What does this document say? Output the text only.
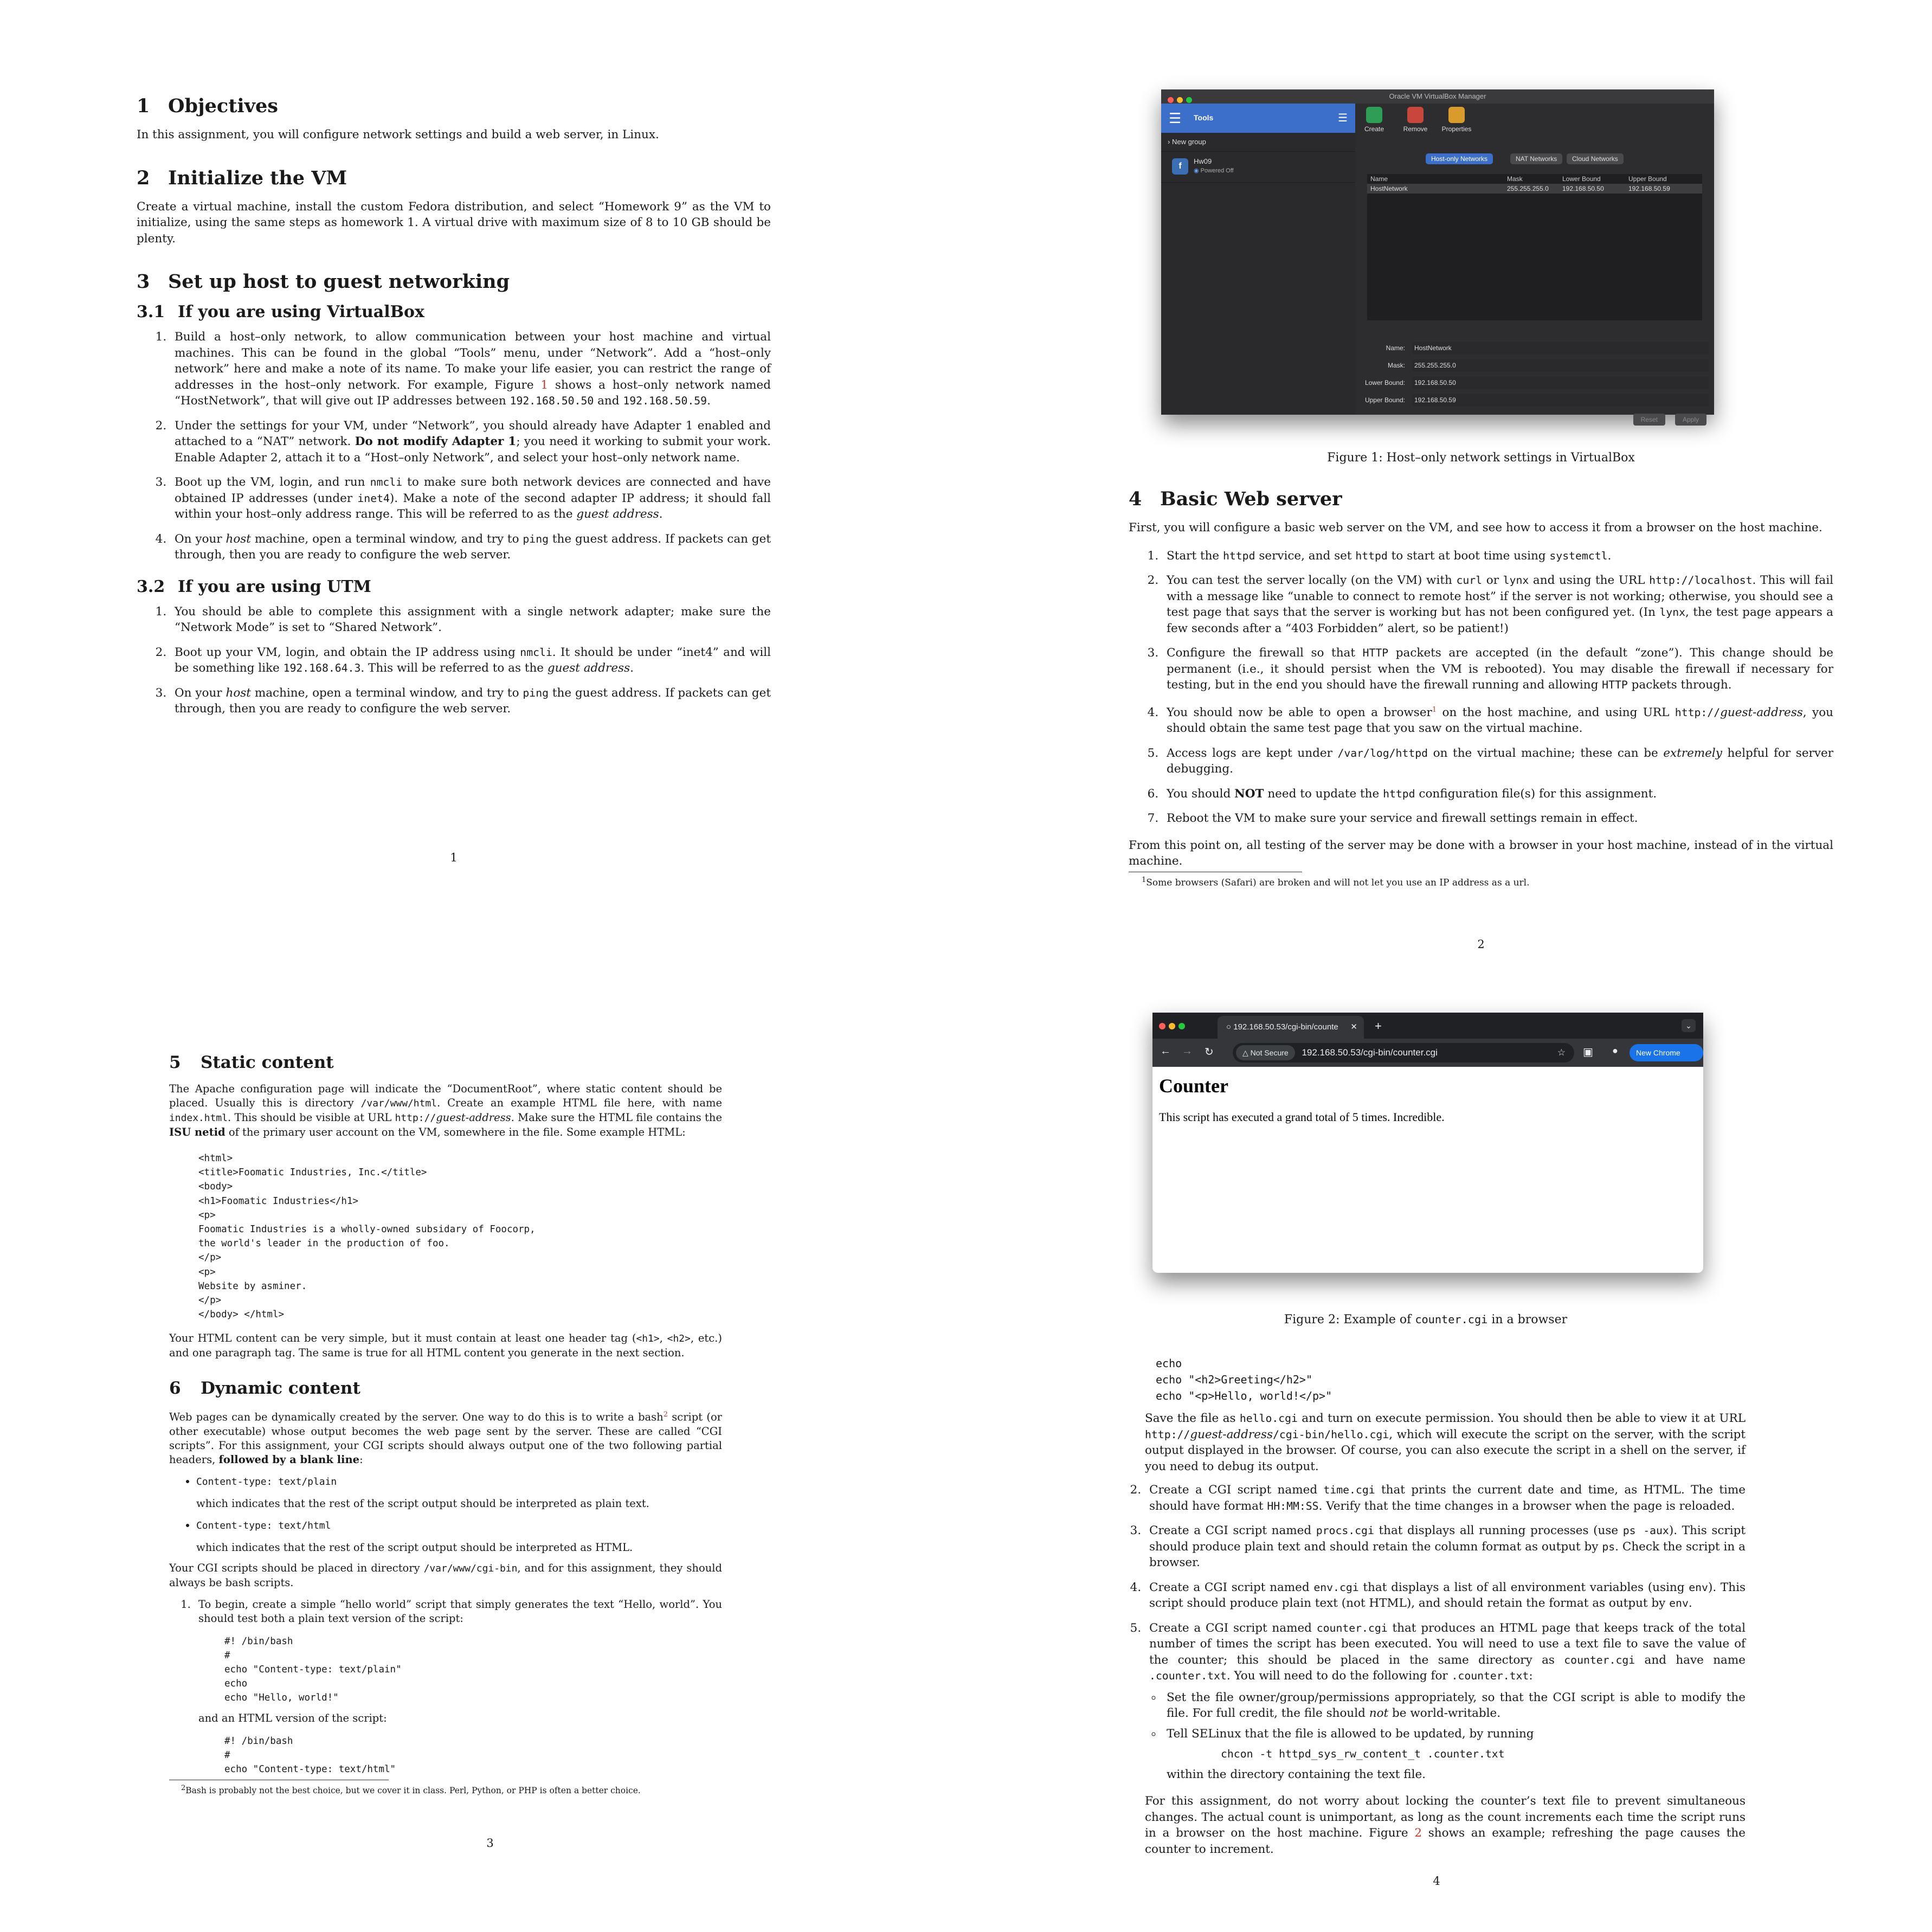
1 Objectives

In this assignment, you will configure network settings and build a web server, in Linux.

2 Initialize the VM

Create a virtual machine, install the custom Fedora distribution, and select “Homework 9” as the VM to initialize, using the same steps as homework 1. A virtual drive with maximum size of 8 to 10 GB should be plenty.

3 Set up host to guest networking
3.1 If you are using VirtualBox
1. Build a host–only network, to allow communication between your host machine and virtual machines. This can be found in the global “Tools” menu, under “Network”. Add a “host–only network” here and make a note of its name. To make your life easier, you can restrict the range of addresses in the host–only network. For example, Figure 1 shows a host–only network named “HostNetwork”, that will give out IP addresses between 192.168.50.50 and 192.168.50.59.
2. Under the settings for your VM, under “Network”, you should already have Adapter 1 enabled and attached to a “NAT” network. Do not modify Adapter 1; you need it working to submit your work. Enable Adapter 2, attach it to a “Host–only Network”, and select your host–only network name.
3. Boot up the VM, login, and run nmcli to make sure both network devices are connected and have obtained IP addresses (under inet4). Make a note of the second adapter IP address; it should fall within your host–only address range. This will be referred to as the guest address.
4. On your host machine, open a terminal window, and try to ping the guest address. If packets can get through, then you are ready to configure the web server.
3.2 If you are using UTM
1. You should be able to complete this assignment with a single network adapter; make sure the “Network Mode” is set to “Shared Network”.
2. Boot up your VM, login, and obtain the IP address using nmcli. It should be under “inet4” and will be something like 192.168.64.3. This will be referred to as the guest address.
3. On your host machine, open a terminal window, and try to ping the guest address. If packets can get through, then you are ready to configure the web server.
1
Oracle VM VirtualBox Manager
☰ Tools	☰
› New group
f
Hw09
◉ Powered Off
Create	Remove	Properties
Host-only Networks	NAT Networks	Cloud Networks
Name	Mask	Lower Bound	Upper Bound
HostNetwork	255.255.255.0 192.168.50.50	192.168.50.59
Name:	HostNetwork
Mask:	255.255.255.0
Lower Bound:	192.168.50.50
Upper Bound:	192.168.50.59
Reset	Apply
Figure 1: Host–only network settings in VirtualBox
4 Basic Web server

First, you will configure a basic web server on the VM, and see how to access it from a browser on the host machine.

1. Start the httpd service, and set httpd to start at boot time using systemctl.
2. You can test the server locally (on the VM) with curl or lynx and using the URL http://localhost. This will fail with a message like “unable to connect to remote host” if the server is not working; otherwise, you should see a test page that says that the server is working but has not been configured yet. (In lynx, the test page appears a few seconds after a “403 Forbidden” alert, so be patient!)
3. Configure the firewall so that HTTP packets are accepted (in the default “zone”). This change should be permanent (i.e., it should persist when the VM is rebooted). You may disable the firewall if necessary for testing, but in the end you should have the firewall running and allowing HTTP packets through.
4. You should now be able to open a browser$^1$ on the host machine, and using URL http://guest-address, you should obtain the same test page that you saw on the virtual machine.
5. Access logs are kept under /var/log/httpd on the virtual machine; these can be extremely helpful for server debugging.
6. You should NOT need to update the httpd configuration file(s) for this assignment.
7. Reboot the VM to make sure your service and firewall settings remain in effect.

From this point on, all testing of the server may be done with a browser in your host machine, instead of in the virtual machine.

$^1$Some browsers (Safari) are broken and will not let you use an IP address as a url.
2
5 Static content

The Apache configuration page will indicate the “DocumentRoot”, where static content should be placed. Usually this is directory /var/www/html. Create an example HTML file here, with name index.html. This should be visible at URL http://guest-address. Make sure the HTML file contains the ISU netid of the primary user account on the VM, somewhere in the file. Some example HTML:

<html>
<title>Foomatic Industries, Inc.</title>
<body>
<h1>Foomatic Industries</h1>
<p>
Foomatic Industries is a wholly-owned subsidary of Foocorp,
the world's leader in the production of foo.
</p>
<p>
Website by asminer.
</p>
</body> </html>

Your HTML content can be very simple, but it must contain at least one header tag (<h1>, <h2>, etc.) and one paragraph tag. The same is true for all HTML content you generate in the next section.

6 Dynamic content

Web pages can be dynamically created by the server. One way to do this is to write a bash$^2$ script (or other executable) whose output becomes the web page sent by the server. These are called “CGI scripts”. For this assignment, your CGI scripts should always output one of the two following partial headers, followed by a blank line:

• Content-type: text/plain
which indicates that the rest of the script output should be interpreted as plain text.
• Content-type: text/html
which indicates that the rest of the script output should be interpreted as HTML.

Your CGI scripts should be placed in directory /var/www/cgi-bin, and for this assignment, they should always be bash scripts.

1. To begin, create a simple “hello world” script that simply generates the text “Hello, world”. You should test both a plain text version of the script:
#! /bin/bash
#
echo "Content-type: text/plain"
echo
echo "Hello, world!"
and an HTML version of the script:
#! /bin/bash
#
echo "Content-type: text/html"
$^2$Bash is probably not the best choice, but we cover it in class. Perl, Python, or PHP is often a better choice.
3
○ 192.168.50.53/cgi-bin/counte ✕ +	⌄
← → ↻	△ Not Secure 192.168.50.53/cgi-bin/counter.cgi	☆ ▣ ●	New Chrome available ⋮
Counter
This script has executed a grand total of 5 times. Incredible.
Figure 2: Example of counter.cgi in a browser
echo
echo "<h2>Greeting</h2>"
echo "<p>Hello, world!</p>"

Save the file as hello.cgi and turn on execute permission. You should then be able to view it at URL http://guest-address/cgi-bin/hello.cgi, which will execute the script on the server, with the script output displayed in the browser. Of course, you can also execute the script in a shell on the server, if you need to debug its output.

2. Create a CGI script named time.cgi that prints the current date and time, as HTML. The time should have format HH:MM:SS. Verify that the time changes in a browser when the page is reloaded.
3. Create a CGI script named procs.cgi that displays all running processes (use ps -aux). This script should produce plain text and should retain the column format as output by ps. Check the script in a browser.
4. Create a CGI script named env.cgi that displays a list of all environment variables (using env). This script should produce plain text (not HTML), and should retain the format as output by env.
5. Create a CGI script named counter.cgi that produces an HTML page that keeps track of the total number of times the script has been executed. You will need to use a text file to save the value of the counter; this should be placed in the same directory as counter.cgi and have name .counter.txt. You will need to do the following for .counter.txt:
◦ Set the file owner/group/permissions appropriately, so that the CGI script is able to modify the file. For full credit, the file should not be world-writable.
◦ Tell SELinux that the file is allowed to be updated, by running
chcon -t httpd_sys_rw_content_t .counter.txt
within the directory containing the text file.

For this assignment, do not worry about locking the counter’s text file to prevent simultaneous changes. The actual count is unimportant, as long as the count increments each time the script runs in a browser on the host machine. Figure 2 shows an example; refreshing the page causes the counter to increment.

4
